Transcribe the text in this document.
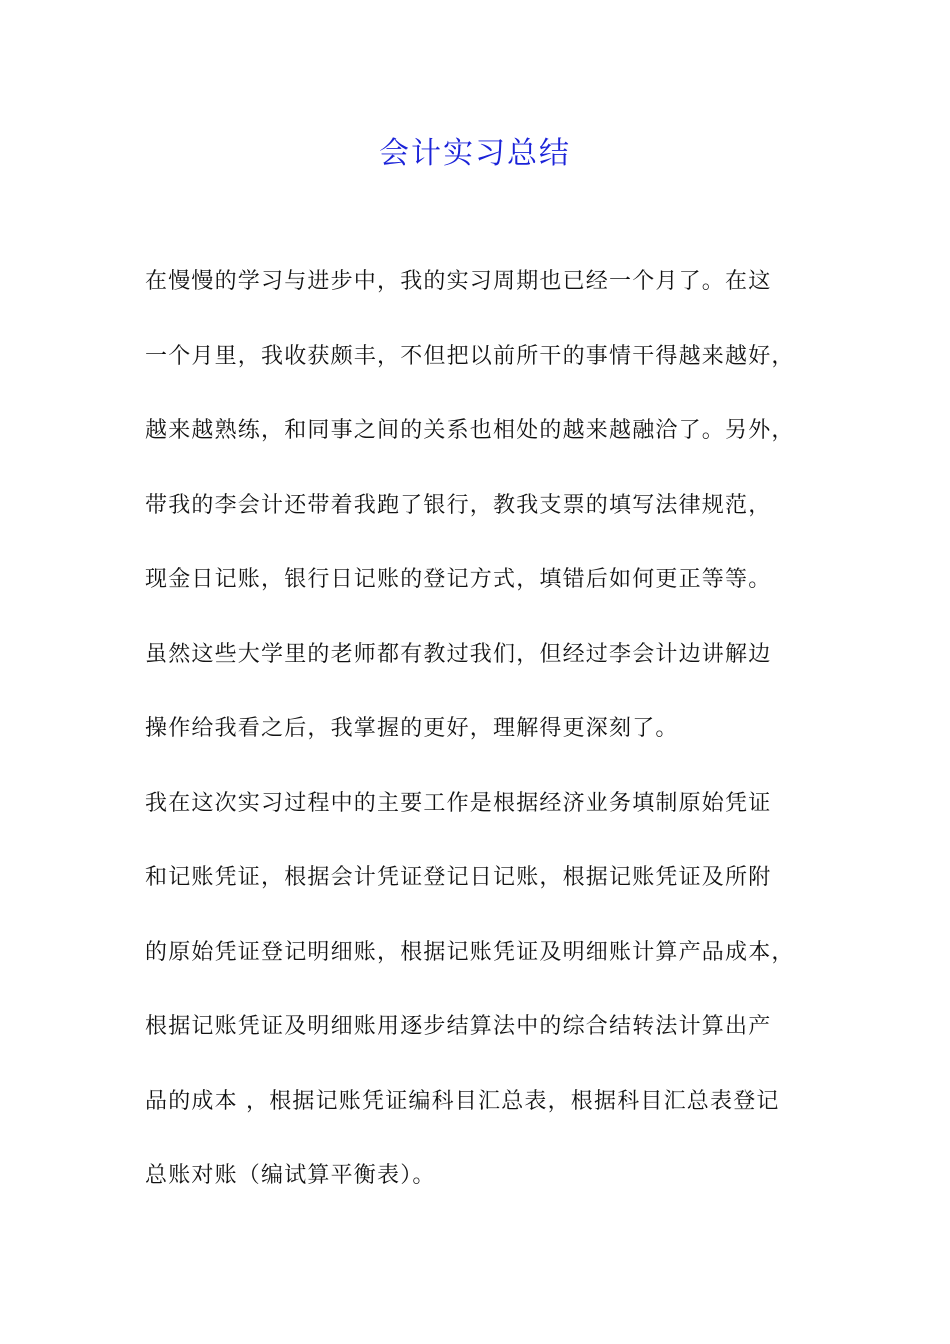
会计实习总结
在慢慢的学习与进步中，我的实习周期也已经一个月了。在这
一个月里，我收获颇丰，不但把以前所干的事情干得越来越好，
越来越熟练，和同事之间的关系也相处的越来越融洽了。另外，
带我的李会计还带着我跑了银行，教我支票的填写法律规范，
现金日记账，银行日记账的登记方式，填错后如何更正等等。
虽然这些大学里的老师都有教过我们，但经过李会计边讲解边
操作给我看之后，我掌握的更好，理解得更深刻了。
我在这次实习过程中的主要工作是根据经济业务填制原始凭证
和记账凭证，根据会计凭证登记日记账，根据记账凭证及所附
的原始凭证登记明细账，根据记账凭证及明细账计算产品成本，
根据记账凭证及明细账用逐步结算法中的综合结转法计算出产
品的成本 ，根据记账凭证编科目汇总表，根据科目汇总表登记
总账对账（编试算平衡表）。
